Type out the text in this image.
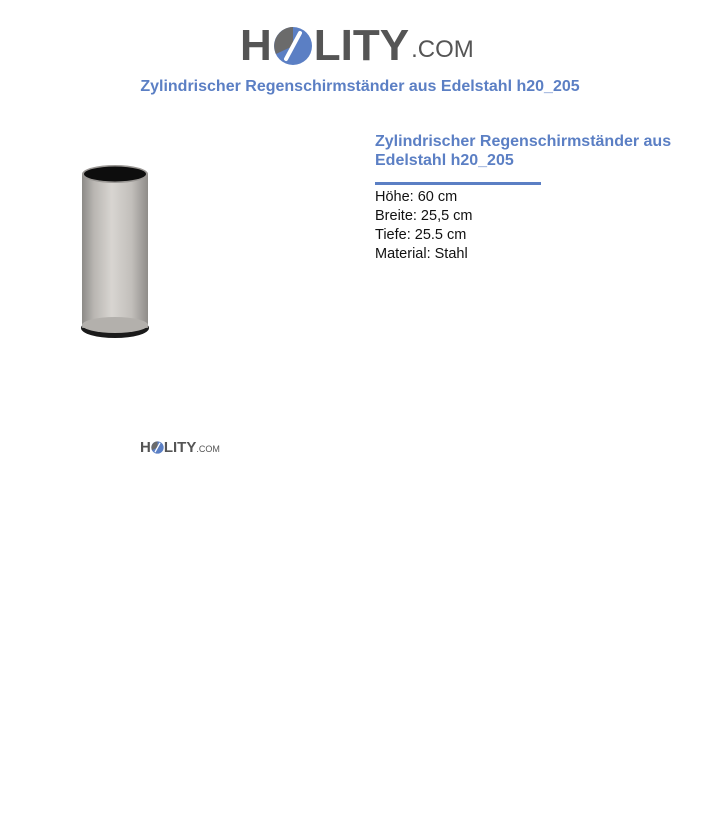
H LITY .COM
Zylindrischer Regenschirmständer aus Edelstahl h20_205
H LITY .COM
Zylindrischer Regenschirmständer aus Edelstahl h20_205
Höhe: 60 cm
Breite: 25,5 cm
Tiefe: 25.5 cm
Material: Stahl
